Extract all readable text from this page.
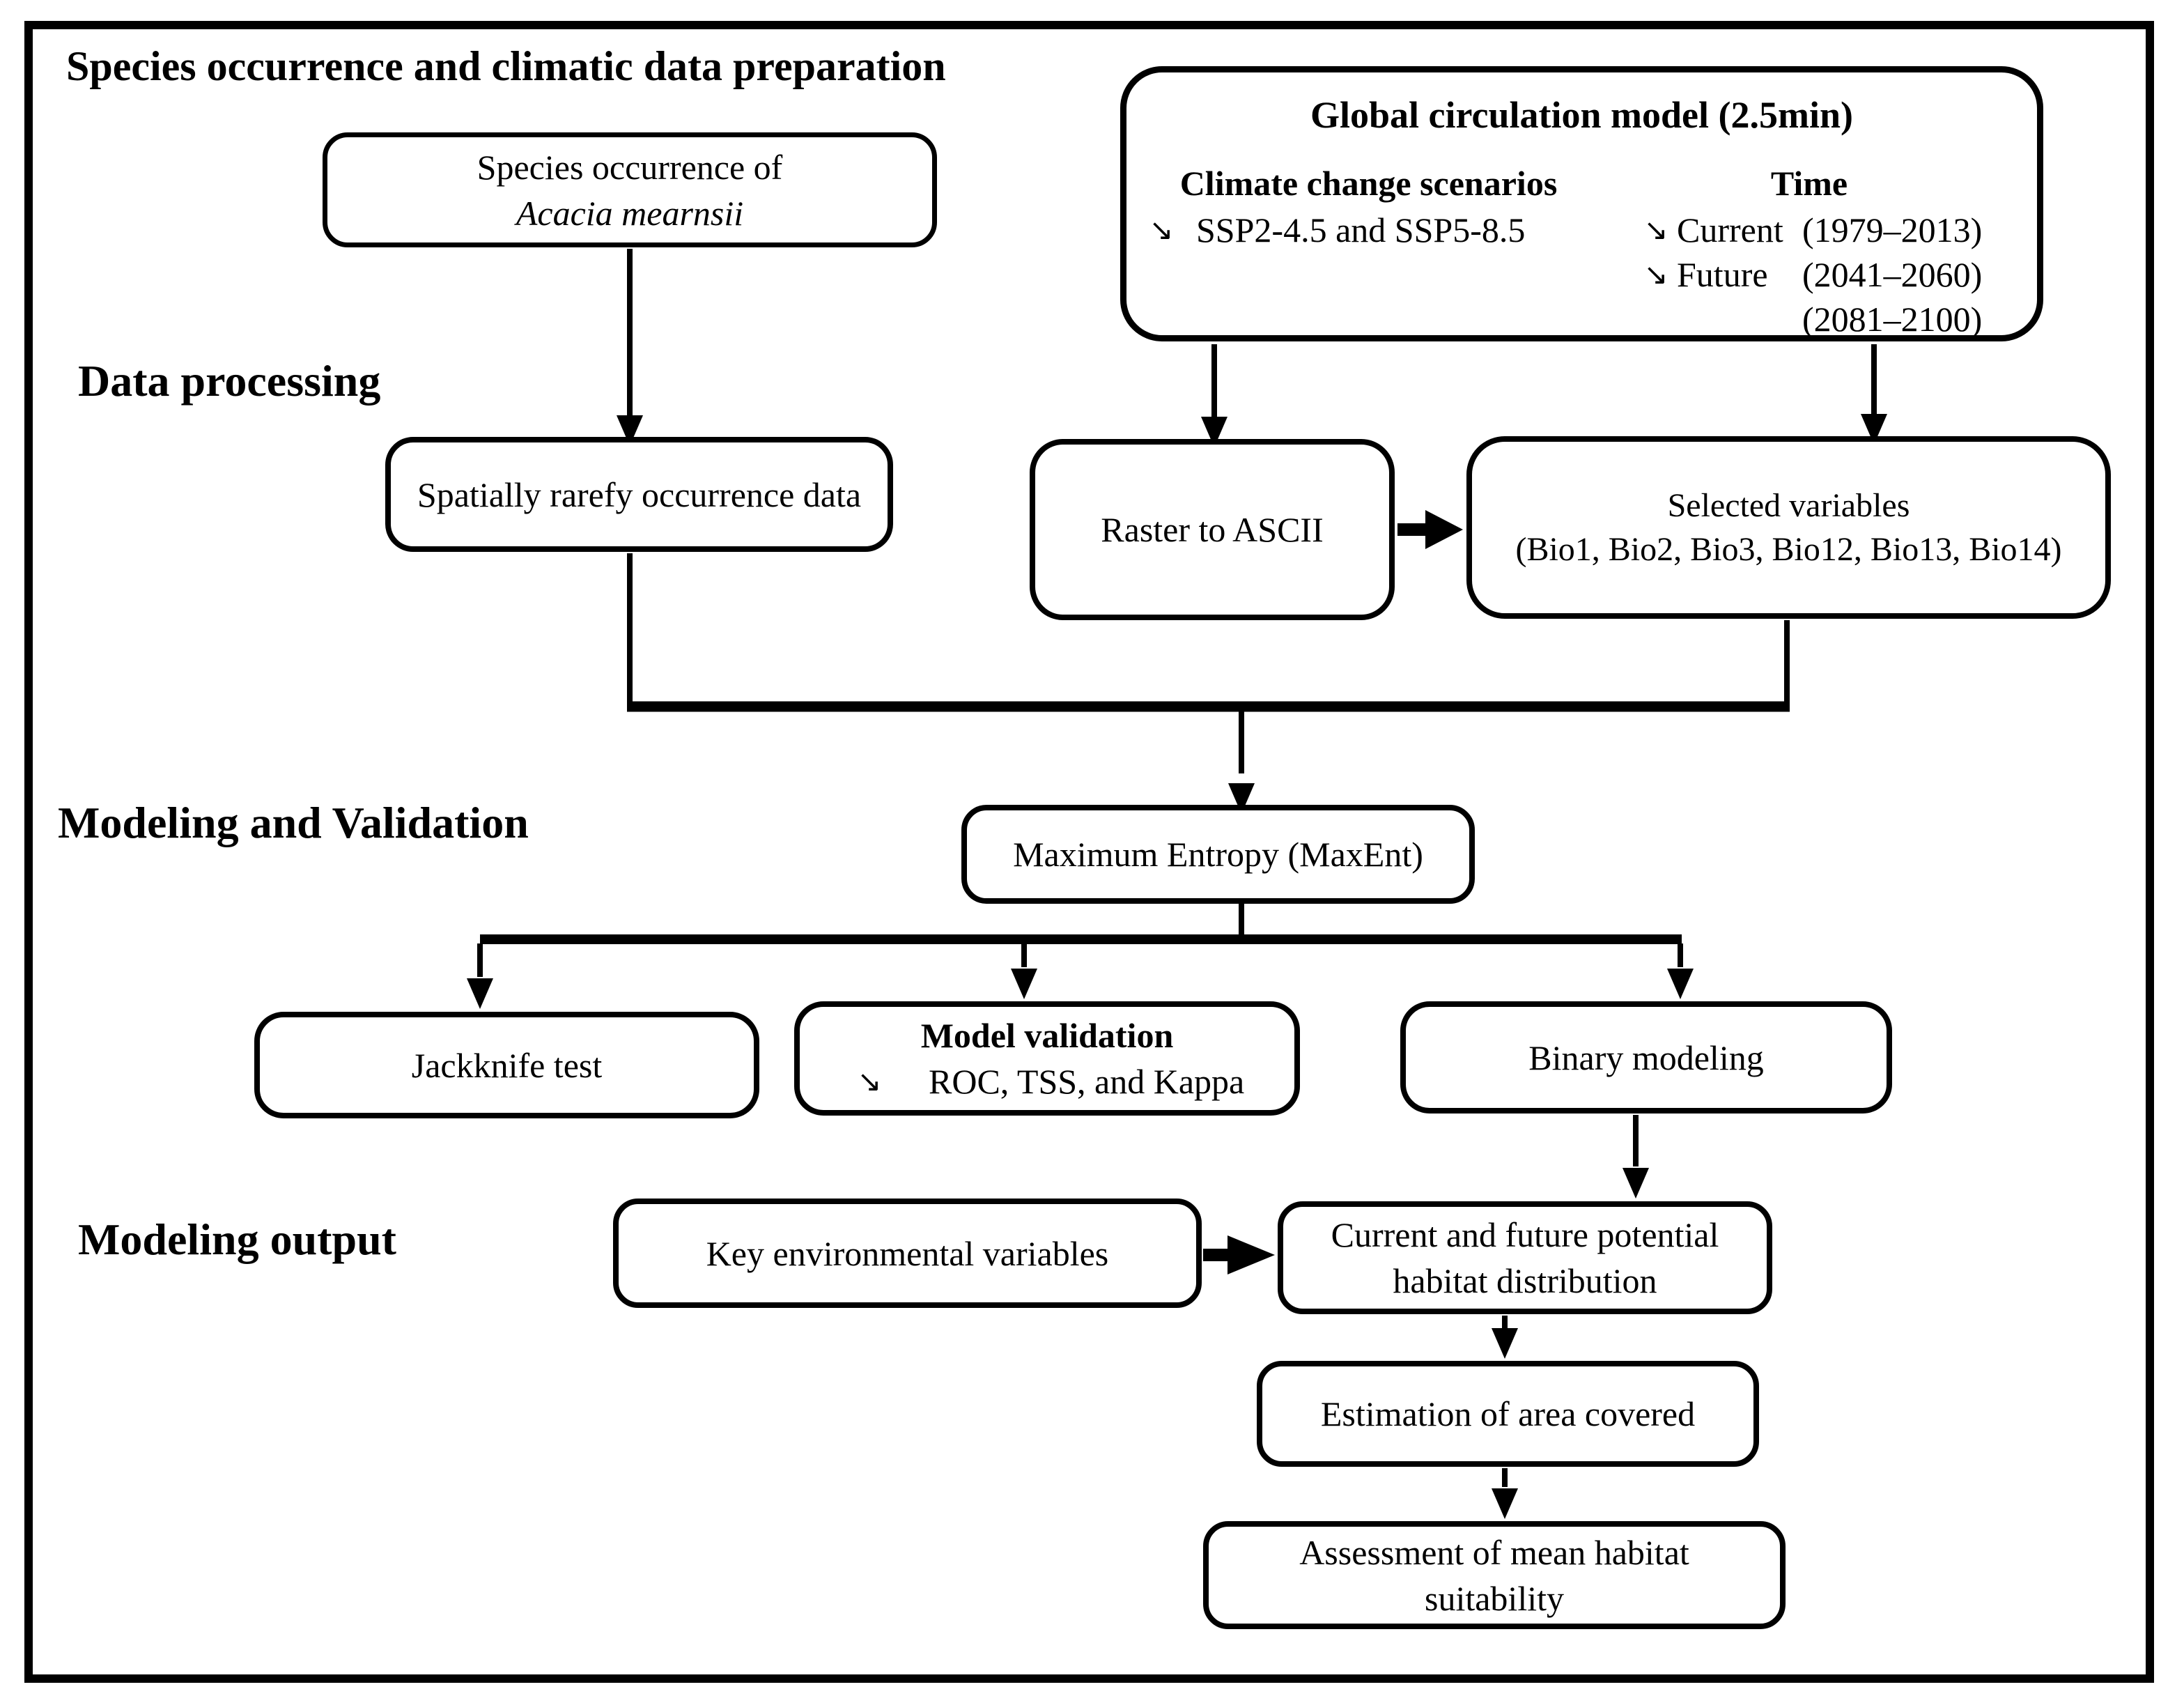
Species occurrence and climatic data preparation
Data processing
Modeling and Validation
Modeling output
Species occurrence of
Acacia mearnsii
Global circulation model (2.5min)
Climate change scenarios
↘ SSP2-4.5 and SSP5-8.5
Time
↘ Current (1979–2013)
↘ Future (2041–2060)
(2081–2100)
Spatially rarefy occurrence data
Raster to ASCII
Selected variables
(Bio1, Bio2, Bio3, Bio12, Bio13, Bio14)
Maximum Entropy (MaxEnt)
Jackknife test
Model validation
↘ ROC, TSS, and Kappa
Binary modeling
Key environmental variables	Current and future potential
habitat distribution
Estimation of area covered
Assessment of mean habitat
suitability
